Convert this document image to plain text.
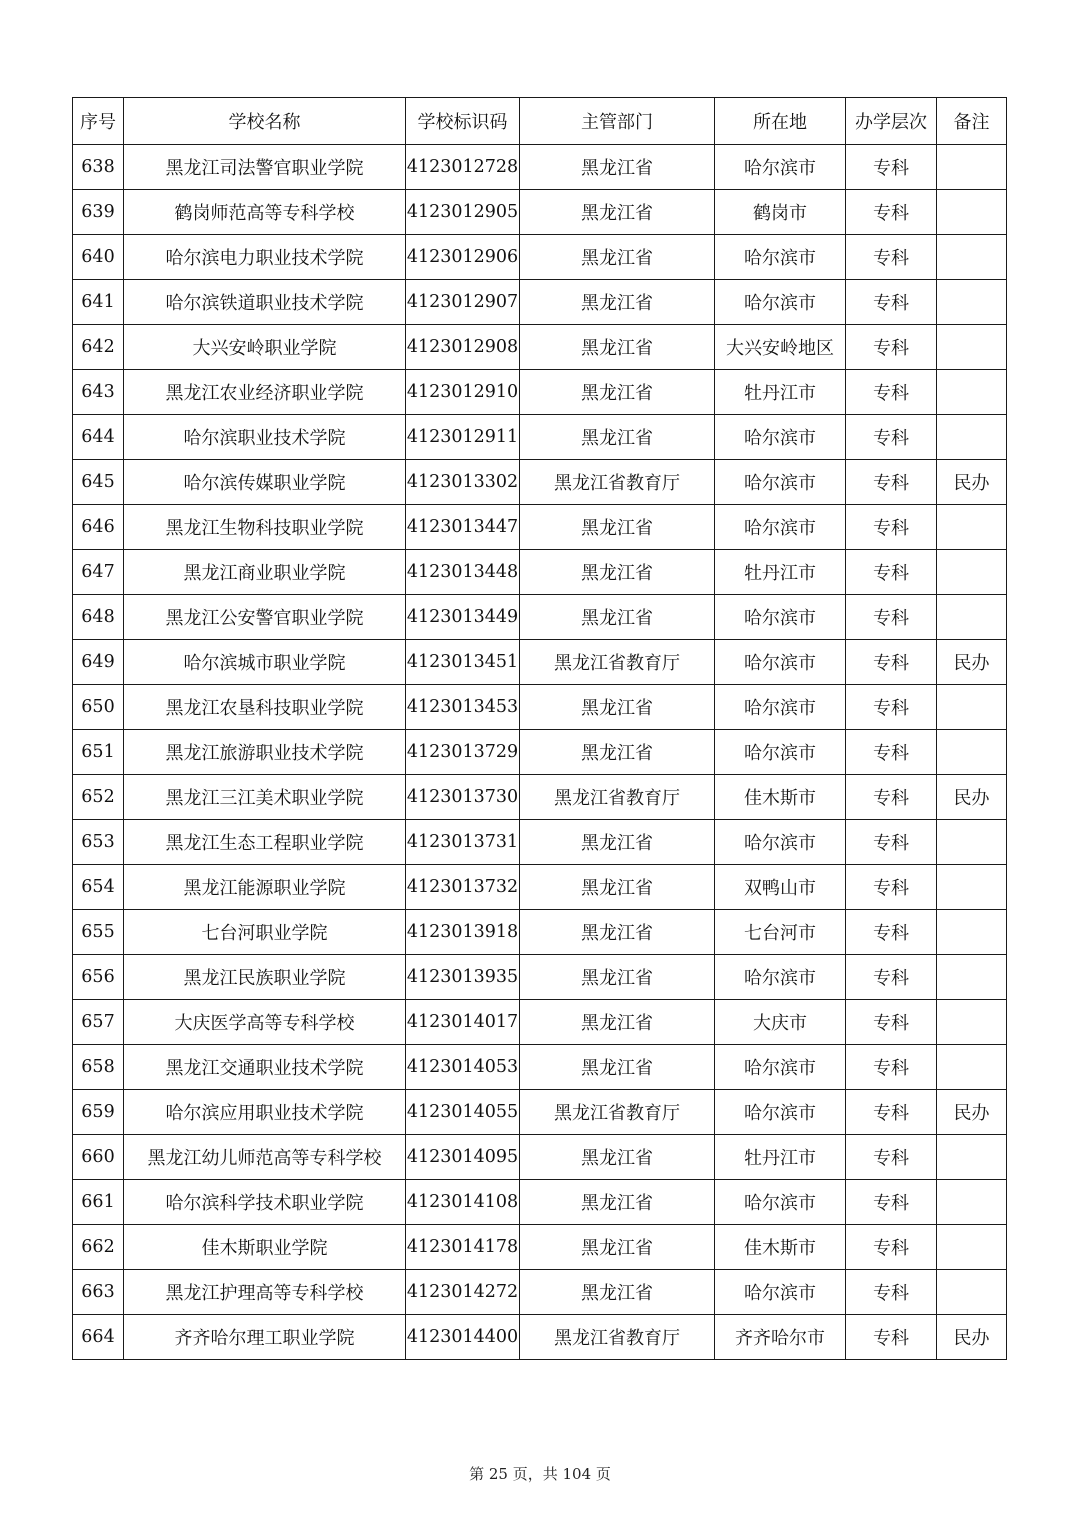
序号	学校名称	学校标识码	主管部门	所在地	办学层次	备注
638	黑龙江司法警官职业学院	4123012728	黑龙江省	哈尔滨市	专科	
639	鹤岗师范高等专科学校	4123012905	黑龙江省	鹤岗市	专科	
640	哈尔滨电力职业技术学院	4123012906	黑龙江省	哈尔滨市	专科	
641	哈尔滨铁道职业技术学院	4123012907	黑龙江省	哈尔滨市	专科	
642	大兴安岭职业学院	4123012908	黑龙江省	大兴安岭地区	专科	
643	黑龙江农业经济职业学院	4123012910	黑龙江省	牡丹江市	专科	
644	哈尔滨职业技术学院	4123012911	黑龙江省	哈尔滨市	专科	
645	哈尔滨传媒职业学院	4123013302	黑龙江省教育厅	哈尔滨市	专科	民办
646	黑龙江生物科技职业学院	4123013447	黑龙江省	哈尔滨市	专科	
647	黑龙江商业职业学院	4123013448	黑龙江省	牡丹江市	专科	
648	黑龙江公安警官职业学院	4123013449	黑龙江省	哈尔滨市	专科	
649	哈尔滨城市职业学院	4123013451	黑龙江省教育厅	哈尔滨市	专科	民办
650	黑龙江农垦科技职业学院	4123013453	黑龙江省	哈尔滨市	专科	
651	黑龙江旅游职业技术学院	4123013729	黑龙江省	哈尔滨市	专科	
652	黑龙江三江美术职业学院	4123013730	黑龙江省教育厅	佳木斯市	专科	民办
653	黑龙江生态工程职业学院	4123013731	黑龙江省	哈尔滨市	专科	
654	黑龙江能源职业学院	4123013732	黑龙江省	双鸭山市	专科	
655	七台河职业学院	4123013918	黑龙江省	七台河市	专科	
656	黑龙江民族职业学院	4123013935	黑龙江省	哈尔滨市	专科	
657	大庆医学高等专科学校	4123014017	黑龙江省	大庆市	专科	
658	黑龙江交通职业技术学院	4123014053	黑龙江省	哈尔滨市	专科	
659	哈尔滨应用职业技术学院	4123014055	黑龙江省教育厅	哈尔滨市	专科	民办
660	黑龙江幼儿师范高等专科学校	4123014095	黑龙江省	牡丹江市	专科	
661	哈尔滨科学技术职业学院	4123014108	黑龙江省	哈尔滨市	专科	
662	佳木斯职业学院	4123014178	黑龙江省	佳木斯市	专科	
663	黑龙江护理高等专科学校	4123014272	黑龙江省	哈尔滨市	专科	
664	齐齐哈尔理工职业学院	4123014400	黑龙江省教育厅	齐齐哈尔市	专科	民办
第 25 页，共 104 页
